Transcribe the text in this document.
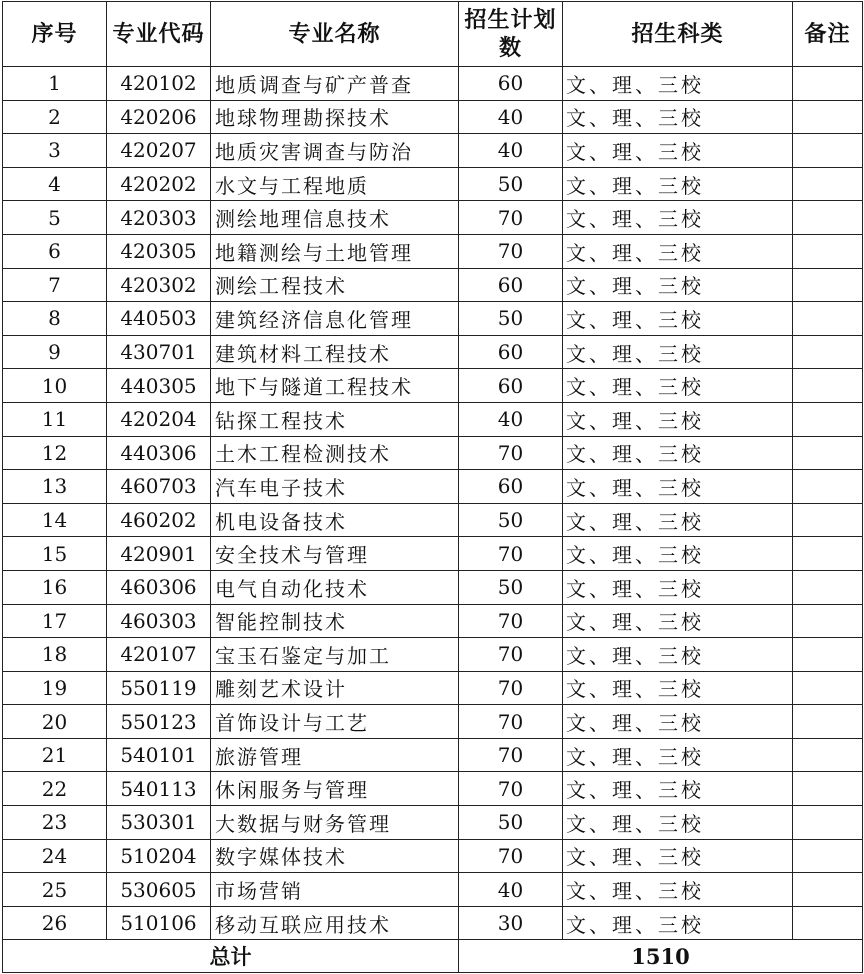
序号	专业代码	专业名称	招生计划数	招生科类	备注
1	420102	地质调查与矿产普查	60	文、理、三校	
2	420206	地球物理勘探技术	40	文、理、三校	
3	420207	地质灾害调查与防治	40	文、理、三校	
4	420202	水文与工程地质	50	文、理、三校	
5	420303	测绘地理信息技术	70	文、理、三校	
6	420305	地籍测绘与土地管理	70	文、理、三校	
7	420302	测绘工程技术	60	文、理、三校	
8	440503	建筑经济信息化管理	50	文、理、三校	
9	430701	建筑材料工程技术	60	文、理、三校	
10	440305	地下与隧道工程技术	60	文、理、三校	
11	420204	钻探工程技术	40	文、理、三校	
12	440306	土木工程检测技术	70	文、理、三校	
13	460703	汽车电子技术	60	文、理、三校	
14	460202	机电设备技术	50	文、理、三校	
15	420901	安全技术与管理	70	文、理、三校	
16	460306	电气自动化技术	50	文、理、三校	
17	460303	智能控制技术	70	文、理、三校	
18	420107	宝玉石鉴定与加工	70	文、理、三校	
19	550119	雕刻艺术设计	70	文、理、三校	
20	550123	首饰设计与工艺	70	文、理、三校	
21	540101	旅游管理	70	文、理、三校	
22	540113	休闲服务与管理	70	文、理、三校	
23	530301	大数据与财务管理	50	文、理、三校	
24	510204	数字媒体技术	70	文、理、三校	
25	530605	市场营销	40	文、理、三校	
26	510106	移动互联应用技术	30	文、理、三校	
总计			1510		
